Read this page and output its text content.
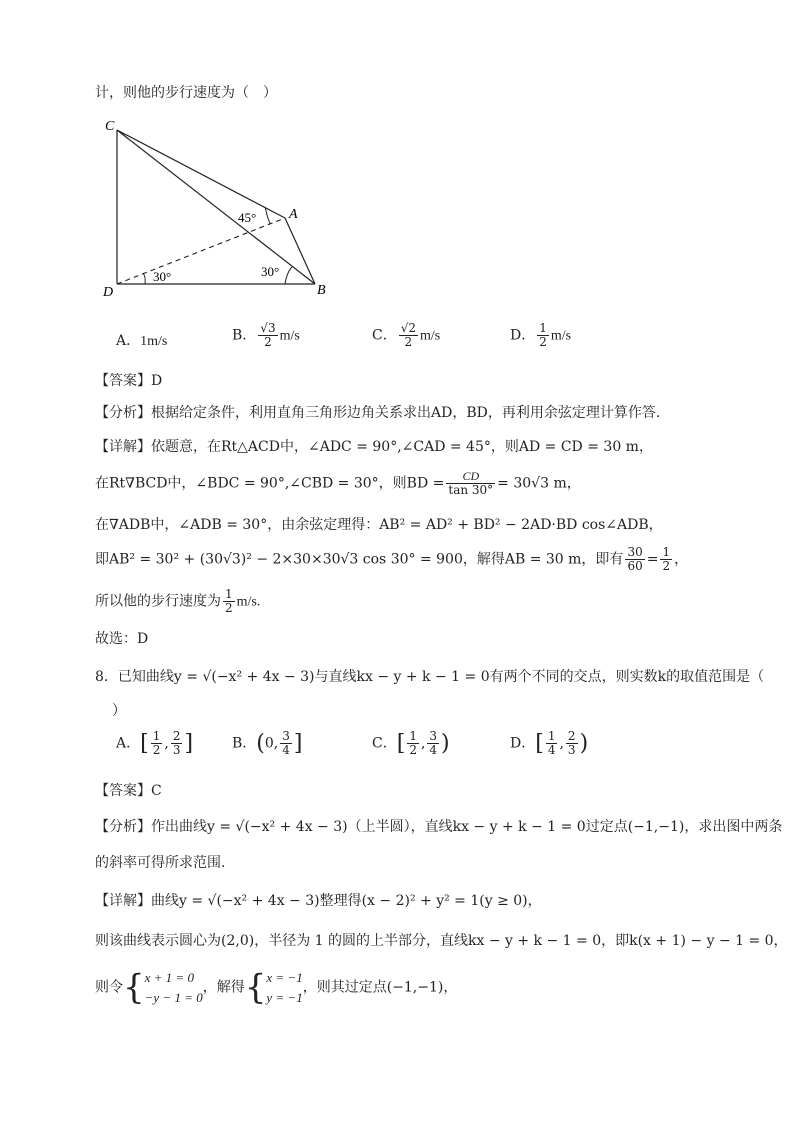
计，则他的步行速度为（　）
C
A
D	B
45°
30°
30°
A．1m/s	B． $\frac{√3}{2} m/s$	C． $\frac{√2}{2} m/s$	D． $\frac{1}{2} m/s$
【答案】D
【分析】根据给定条件，利用直角三角形边角关系求出AD，BD，再利用余弦定理计算作答.
【详解】依题意，在Rt△ACD中，∠ADC = 90°,∠CAD = 45°，则AD = CD = 30 m，
在Rt∇BCD中，∠BDC = 90°,∠CBD = 30°，则BD = $\frac{CD}{\tan 30^\circ} = 30√3$ m，
在∇ADB中，∠ADB = 30°，由余弦定理得：AB² = AD² + BD² − 2AD·BD cos∠ADB，
即AB² = 30² + (30√3)² − 2×30×30√3 cos 30° = 900，解得AB = 30 m，即有 $\frac{30}{60} = \frac{1}{2}$ ，
所以他的步行速度为 $\frac{1}{2} m/s$.
故选：D
8．已知曲线y = √(−x² + 4x − 3)与直线kx − y + k − 1 = 0有两个不同的交点，则实数k的取值范围是（
）
A．[ $\frac{1}{2}$ , $\frac{2}{3}$ ]	B．(0, $\frac{3}{4}$ ]	C．[ $\frac{1}{2}$ , $\frac{3}{4}$ )	D．[ $\frac{1}{4}$ , $\frac{2}{3}$ )
【答案】C
【分析】作出曲线y = √(−x² + 4x − 3)（上半圆），直线kx − y + k − 1 = 0过定点(−1,−1)，求出图中两条
的斜率可得所求范围.
【详解】曲线y = √(−x² + 4x − 3)整理得(x − 2)² + y² = 1(y ≥ 0)，
则该曲线表示圆心为(2,0)，半径为 1 的圆的上半部分，直线kx − y + k − 1 = 0，即k(x + 1) − y − 1 = 0，
则令{ x + 1 = 0
−y − 1 = 0
，解得{ x = −1
y = −1
，则其过定点(−1,−1)，
